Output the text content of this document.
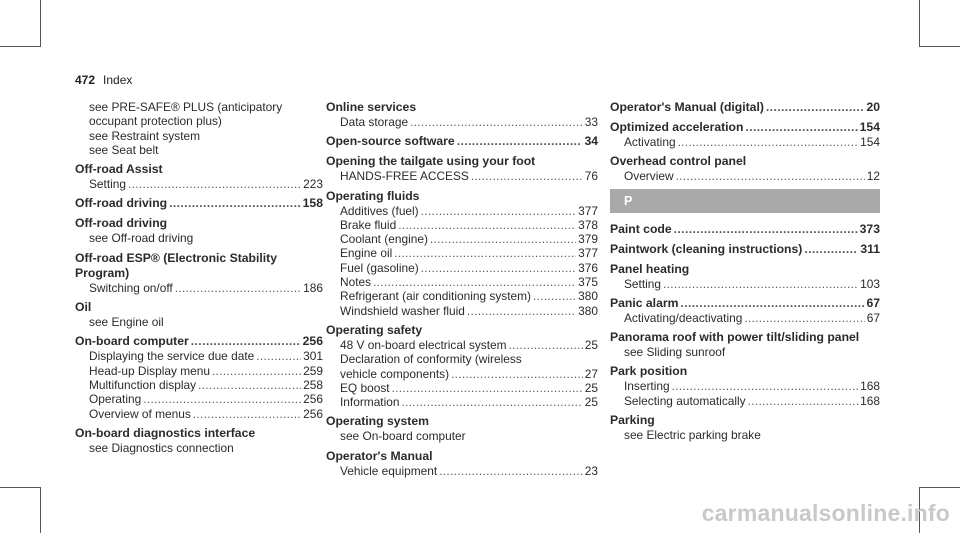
472 Index
see PRE-SAFE® PLUS (anticipatory
occupant protection plus)
see Restraint system
see Seat belt
Off-road Assist
Setting . . .	223
Off-road driving . . .	158
Off-road driving
see Off-road driving
Off-road ESP® (Electronic Stability Program)
Switching on/off . . .	186
Oil
see Engine oil
On-board computer . . .	256
Displaying the service due date . . .	301
Head-up Display menu . . .	259
Multifunction display . . .	258
Operating . . .	256
Overview of menus . . .	256
On-board diagnostics interface
see Diagnostics connection
Online services
Data storage . . .	33
Open-source software . . .	34
Opening the tailgate using your foot
HANDS-FREE ACCESS . . .	76
Operating fluids
Additives (fuel) . . .	377
Brake fluid . . .	378
Coolant (engine) . . .	379
Engine oil . . .	377
Fuel (gasoline) . . .	376
Notes . . .	375
Refrigerant (air conditioning system) . . .	380
Windshield washer fluid . . .	380
Operating safety
48 V on-board electrical system . . .	25
Declaration of conformity (wireless
vehicle components) . . .	27
EQ boost . . .	25
Information . . .	25
Operating system
see On-board computer
Operator's Manual
Vehicle equipment . . .	23
Operator's Manual (digital) . . .	20
Optimized acceleration . . .	154
Activating . . .	154
Overhead control panel
Overview . . .	12
P
Paint code . . .	373
Paintwork (cleaning instructions) . . .	311
Panel heating
Setting . . .	103
Panic alarm . . .	67
Activating/deactivating . . .	67
Panorama roof with power tilt/sliding panel
see Sliding sunroof
Park position
Inserting . . .	168
Selecting automatically . . .	168
Parking
see Electric parking brake
carmanualsonline.info
